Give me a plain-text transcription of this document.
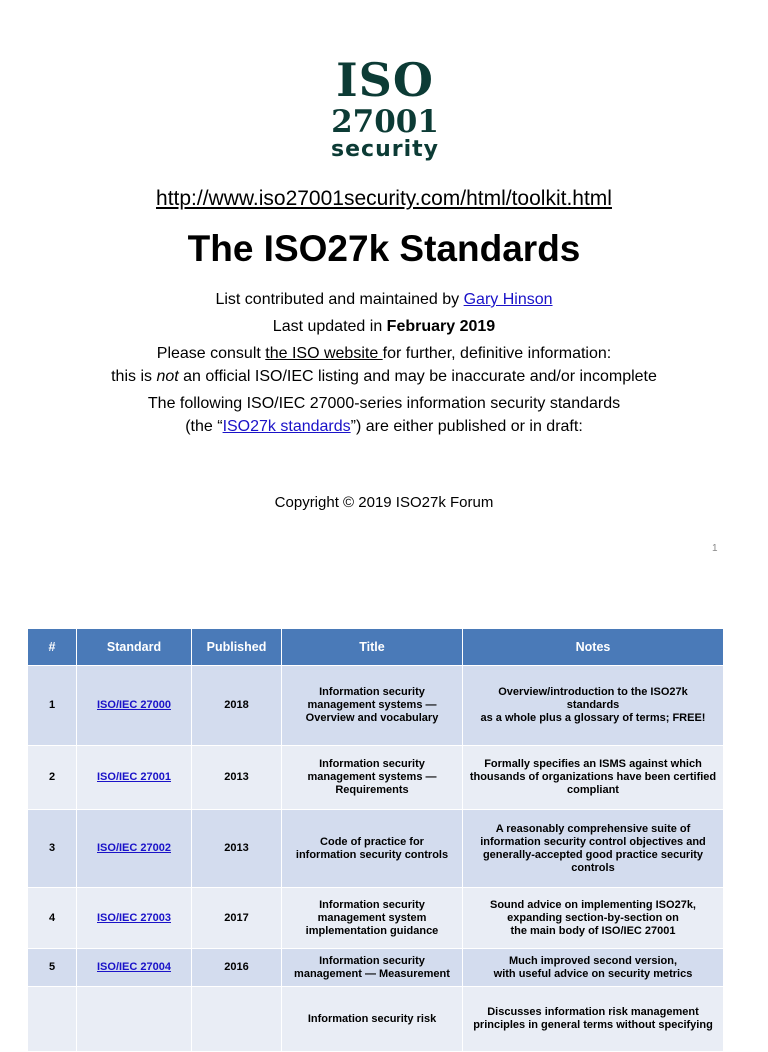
ISO
27001
security
http://www.iso27001security.com/html/toolkit.html
The ISO27k Standards

List contributed and maintained by Gary Hinson

Last updated in February 2019

Please consult the ISO website for further, definitive information:

this is not an official ISO/IEC listing and may be inaccurate and/or incomplete

The following ISO/IEC 27000-series information security standards

(the “ISO27k standards”) are either published or in draft:

Copyright © 2019 ISO27k Forum
1
#	Standard	Published	Title	Notes
1	ISO/IEC 27000	2018	Information security
management systems —
Overview and vocabulary	Overview/introduction to the ISO27k
standards
as a whole plus a glossary of terms; FREE!
2	ISO/IEC 27001	2013	Information security
management systems —
Requirements	Formally specifies an ISMS against which
thousands of organizations have been certified
compliant
3	ISO/IEC 27002	2013	Code of practice for
information security controls	A reasonably comprehensive suite of
information security control objectives and
generally-accepted good practice security
controls
4	ISO/IEC 27003	2017	Information security
management system
implementation guidance	Sound advice on implementing ISO27k,
expanding section-by-section on
the main body of ISO/IEC 27001
5	ISO/IEC 27004	2016	Information security
management — Measurement	Much improved second version,
with useful advice on security metrics
			Information security risk	Discusses information risk management
principles in general terms without specifying
